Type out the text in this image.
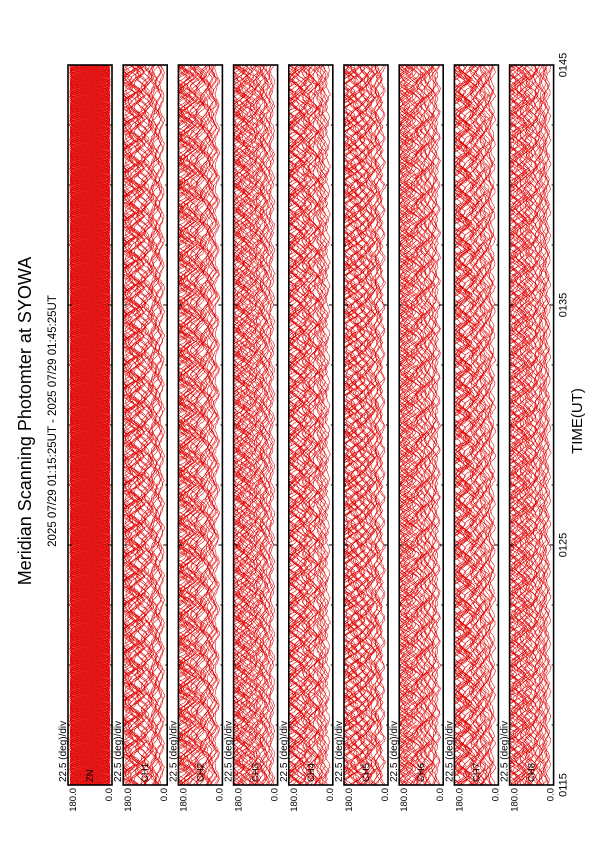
Meridian Scanning Photomter at SYOWA 2025 07/29 01:15:25UT - 2025 07/29 01:45:25UT
180.0	0.0
ZN
22.5 (deg)/div
180.0	0.0
CH1
22.5 (deg)/div
180.0	0.0
CH2
22.5 (deg)/div
180.0	0.0
CH3
22.5 (deg)/div
180.0	0.0
CH4
22.5 (deg)/div
180.0	0.0
CH5
22.5 (deg)/div
180.0	0.0
CH6
22.5 (deg)/div
180.0	0.0
CH7
22.5 (deg)/div
180.0	0.0
CH8
22.5 (deg)/div
0115
0125
0135
0145
TIME(UT)
